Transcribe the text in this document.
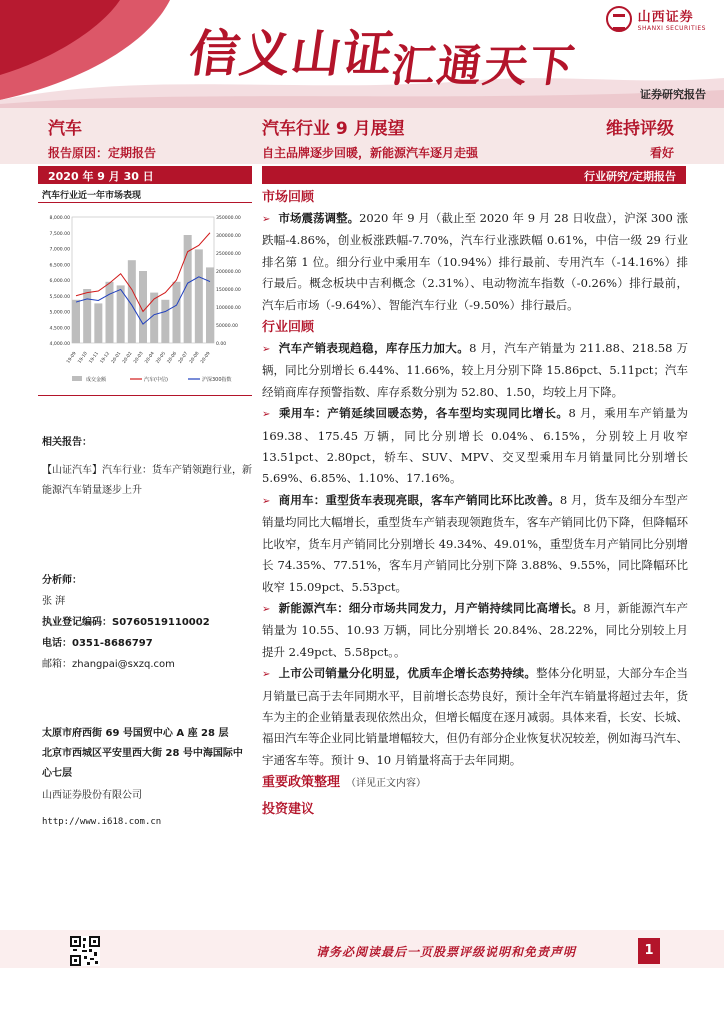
信义山证
汇通天下
山西证券
SHANXI SECURITIES
证券研究报告
汽车	汽车行业 9 月展望	维持评级
报告原因：定期报告	自主品牌逐步回暖，新能源汽车逐月走强	看好
2020 年 9 月 30 日	行业研究/定期报告
汽车行业近一年市场表现
8,000.00
7,500.00
7,000.00
6,500.00
6,000.00
5,500.00
5,000.00
4,500.00
4,000.00
350000.00
300000.00
250000.00
200000.00
150000.00
100000.00
50000.00
0.00
19-09 19-10 19-11 19-12 20-01 20-02 20-03 20-04 20-05 20-06 20-07 20-08 20-09
成交金额	汽车(中信)	沪深300指数
相关报告：
【山证汽车】汽车行业：货车产销领跑行业，新能源汽车销量逐步上升
分析师：
张 湃
执业登记编码：S0760519110002
电话：0351-8686797
邮箱：zhangpai@sxzq.com
太原市府西街 69 号国贸中心 A 座 28 层
北京市西城区平安里西大街 28 号中海国际中心七层
山西证券股份有限公司
http://www.i618.com.cn
市场回顾

➢ 市场震荡调整。2020 年 9 月（截止至 2020 年 9 月 28 日收盘），沪深 300 涨跌幅-4.86%，创业板涨跌幅-7.70%，汽车行业涨跌幅 0.61%，中信一级 29 行业排名第 1 位。细分行业中乘用车（10.94%）排行最前、专用汽车（-14.16%）排行最后。概念板块中吉利概念（2.31%）、电动物流车指数（-0.26%）排行最前，汽车后市场（-9.64%）、智能汽车行业（-9.50%）排行最后。

行业回顾

➢ 汽车产销表现趋稳，库存压力加大。8 月，汽车产销量为 211.88、218.58 万辆，同比分别增长 6.44%、11.66%，较上月分别下降 15.86pct、5.11pct；汽车经销商库存预警指数、库存系数分别为 52.80、1.50，均较上月下降。

➢ 乘用车：产销延续回暖态势，各车型均实现同比增长。8 月，乘用车产销量为 169.38、175.45 万辆，同比分别增长 0.04%、6.15%，分别较上月收窄 13.51pct、2.80pct，轿车、SUV、MPV、交叉型乘用车月销量同比分别增长 5.69%、6.85%、1.10%、17.16%。

➢ 商用车：重型货车表现亮眼，客车产销同比环比改善。8 月，货车及细分车型产销量均同比大幅增长，重型货车产销表现领跑货车，客车产销同比仍下降，但降幅环比收窄，货车月产销同比分别增长 49.34%、49.01%，重型货车月产销同比分别增长 74.35%、77.51%，客车月产销同比分别下降 3.88%、9.55%，同比降幅环比收窄 15.09pct、5.53pct。

➢ 新能源汽车：细分市场共同发力，月产销持续同比高增长。8 月，新能源汽车产销量为 10.55、10.93 万辆，同比分别增长 20.84%、28.22%，同比分别较上月提升 2.49pct、5.58pct。。

➢ 上市公司销量分化明显，优质车企增长态势持续。整体分化明显，大部分车企当月销量已高于去年同期水平，目前增长态势良好，预计全年汽车销量将超过去年，货车为主的企业销量表现依然出众，但增长幅度在逐月减弱。具体来看，长安、长城、福田汽车等企业同比销量增幅较大，但仍有部分企业恢复状况较差，例如海马汽车、宇通客车等。预计 9、10 月销量将高于去年同期。

重要政策整理 （详见正文内容）
投资建议
请务必阅读最后一页股票评级说明和免责声明	1
